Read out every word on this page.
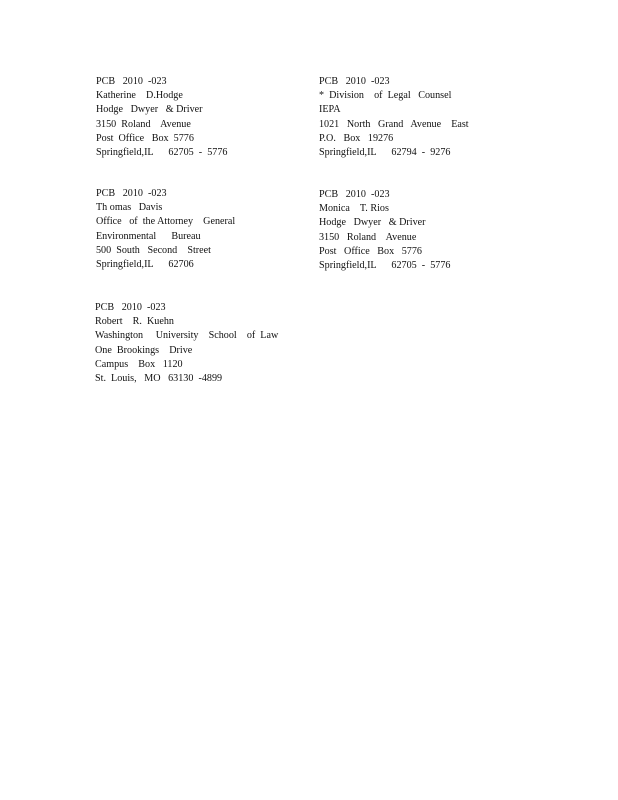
PCB   2010  -023
Katherine    D.Hodge
Hodge   Dwyer   & Driver
3150  Roland    Avenue
Post  Office   Box  5776
Springfield,IL      62705  -  5776
PCB   2010  -023
*  Division    of  Legal   Counsel
IEPA
1021   North   Grand   Avenue    East
P.O.   Box   19276
Springfield,IL      62794  -  9276
PCB   2010  -023
Th omas   Davis
Office   of  the Attorney    General
Environmental      Bureau
500  South   Second    Street
Springfield,IL      62706
PCB   2010  -023
Monica    T. Rios
Hodge   Dwyer   & Driver
3150   Roland    Avenue
Post   Office   Box   5776
Springfield,IL      62705  -  5776
PCB   2010  -023
Robert    R.  Kuehn
Washington     University    School    of  Law
One  Brookings    Drive
Campus    Box   1120
St.  Louis,   MO   63130  -4899
